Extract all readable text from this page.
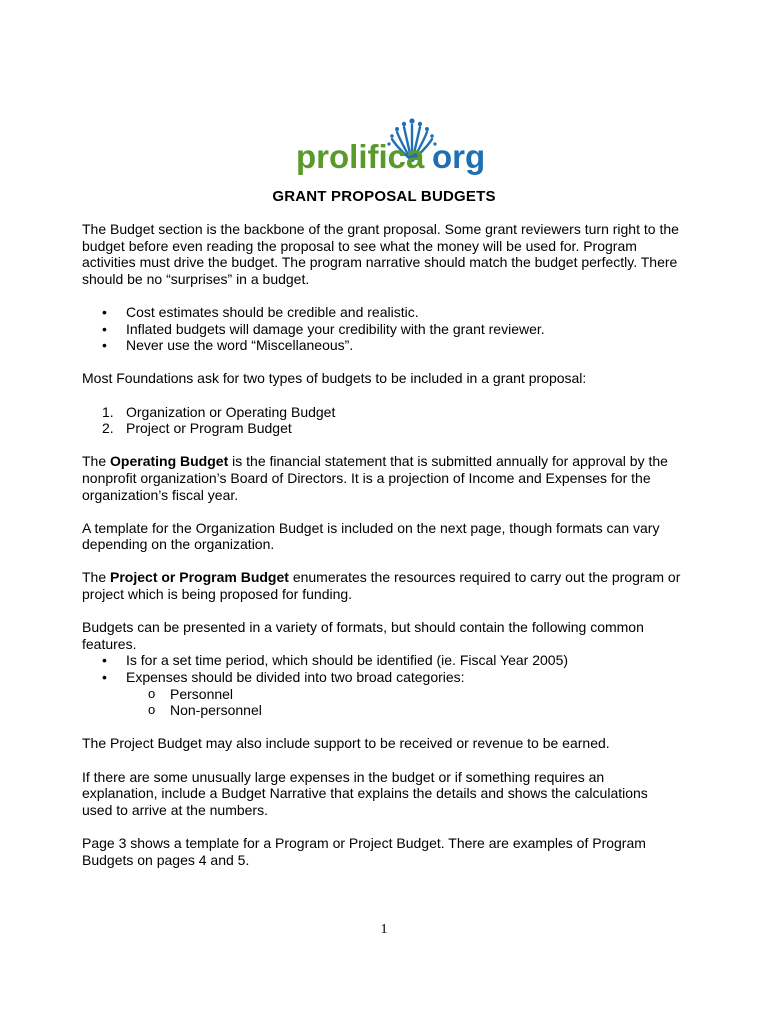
prolifica org
GRANT PROPOSAL BUDGETS

The Budget section is the backbone of the grant proposal. Some grant reviewers turn right to the budget before even reading the proposal to see what the money will be used for. Program activities must drive the budget. The program narrative should match the budget perfectly. There should be no “surprises” in a budget.

• Cost estimates should be credible and realistic.
• Inflated budgets will damage your credibility with the grant reviewer.
• Never use the word “Miscellaneous”.

Most Foundations ask for two types of budgets to be included in a grant proposal:

Organization or Operating Budget
Project or Program Budget

The Operating Budget is the financial statement that is submitted annually for approval by the nonprofit organization’s Board of Directors. It is a projection of Income and Expenses for the organization’s fiscal year.

A template for the Organization Budget is included on the next page, though formats can vary depending on the organization.

The Project or Program Budget enumerates the resources required to carry out the program or project which is being proposed for funding.

Budgets can be presented in a variety of formats, but should contain the following common features.

• Is for a set time period, which should be identified (ie. Fiscal Year 2005)
• Expenses should be divided into two broad categories:
o Personnel
o Non-personnel

The Project Budget may also include support to be received or revenue to be earned.

If there are some unusually large expenses in the budget or if something requires an explanation, include a Budget Narrative that explains the details and shows the calculations used to arrive at the numbers.

Page 3 shows a template for a Program or Project Budget. There are examples of Program Budgets on pages 4 and 5.

1
